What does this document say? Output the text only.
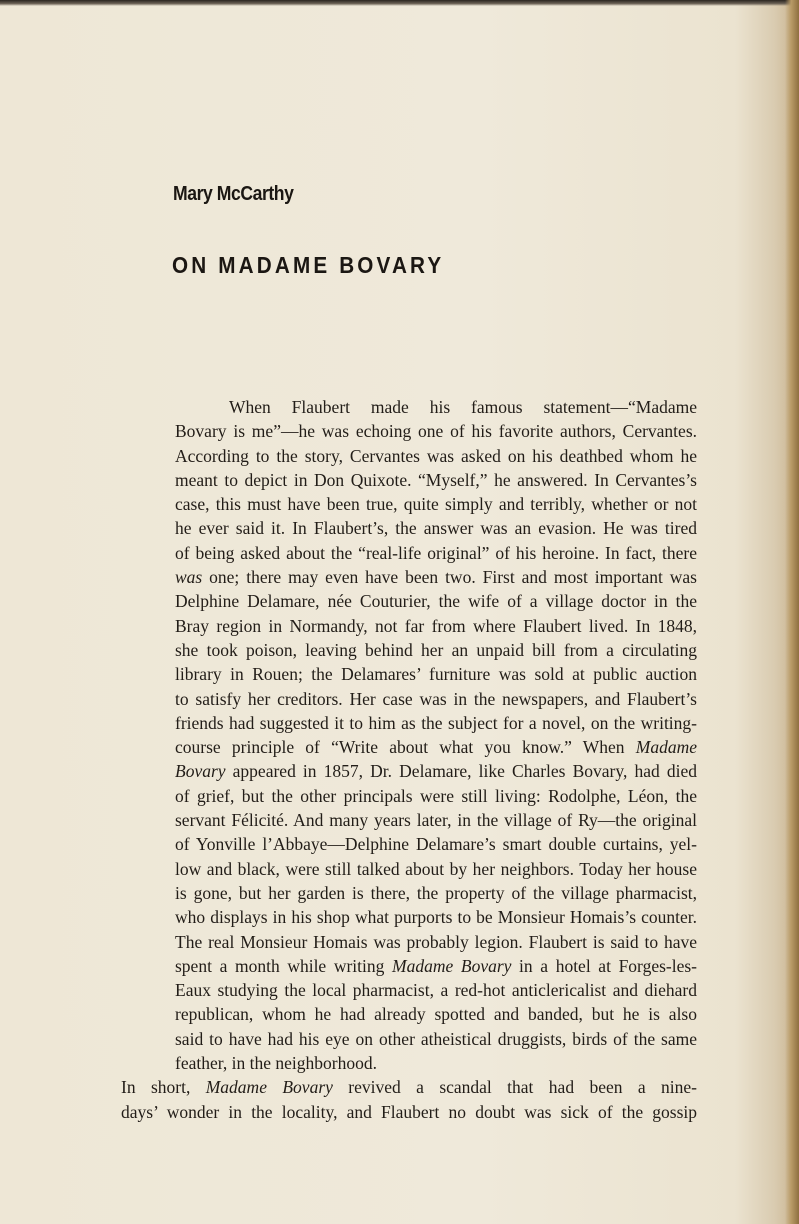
Mary McCarthy
ON MADAME BOVARY

When Flaubert made his famous statement—“Madame
Bovary is me”—he was echoing one of his favorite authors, Cervantes.
According to the story, Cervantes was asked on his deathbed whom he
meant to depict in Don Quixote. “Myself,” he answered. In Cervantes’s
case, this must have been true, quite simply and terribly, whether or not
he ever said it. In Flaubert’s, the answer was an evasion. He was tired
of being asked about the “real-life original” of his heroine. In fact, there
was one; there may even have been two. First and most important was
Delphine Delamare, née Couturier, the wife of a village doctor in the
Bray region in Normandy, not far from where Flaubert lived. In 1848,
she took poison, leaving behind her an unpaid bill from a circulating
library in Rouen; the Delamares’ furniture was sold at public auction
to satisfy her creditors. Her case was in the newspapers, and Flaubert’s
friends had suggested it to him as the subject for a novel, on the writing-
course principle of “Write about what you know.” When Madame
Bovary appeared in 1857, Dr. Delamare, like Charles Bovary, had died
of grief, but the other principals were still living: Rodolphe, Léon, the
servant Félicité. And many years later, in the village of Ry—the original
of Yonville l’Abbaye—Delphine Delamare’s smart double curtains, yel-
low and black, were still talked about by her neighbors. Today her house
is gone, but her garden is there, the property of the village pharmacist,
who displays in his shop what purports to be Monsieur Homais’s counter.
The real Monsieur Homais was probably legion. Flaubert is said to have
spent a month while writing Madame Bovary in a hotel at Forges-les-
Eaux studying the local pharmacist, a red-hot anticlericalist and diehard
republican, whom he had already spotted and banded, but he is also
said to have had his eye on other atheistical druggists, birds of the same
feather, in the neighborhood.

In short, Madame Bovary revived a scandal that had been a nine-
days’ wonder in the locality, and Flaubert no doubt was sick of the gossip
